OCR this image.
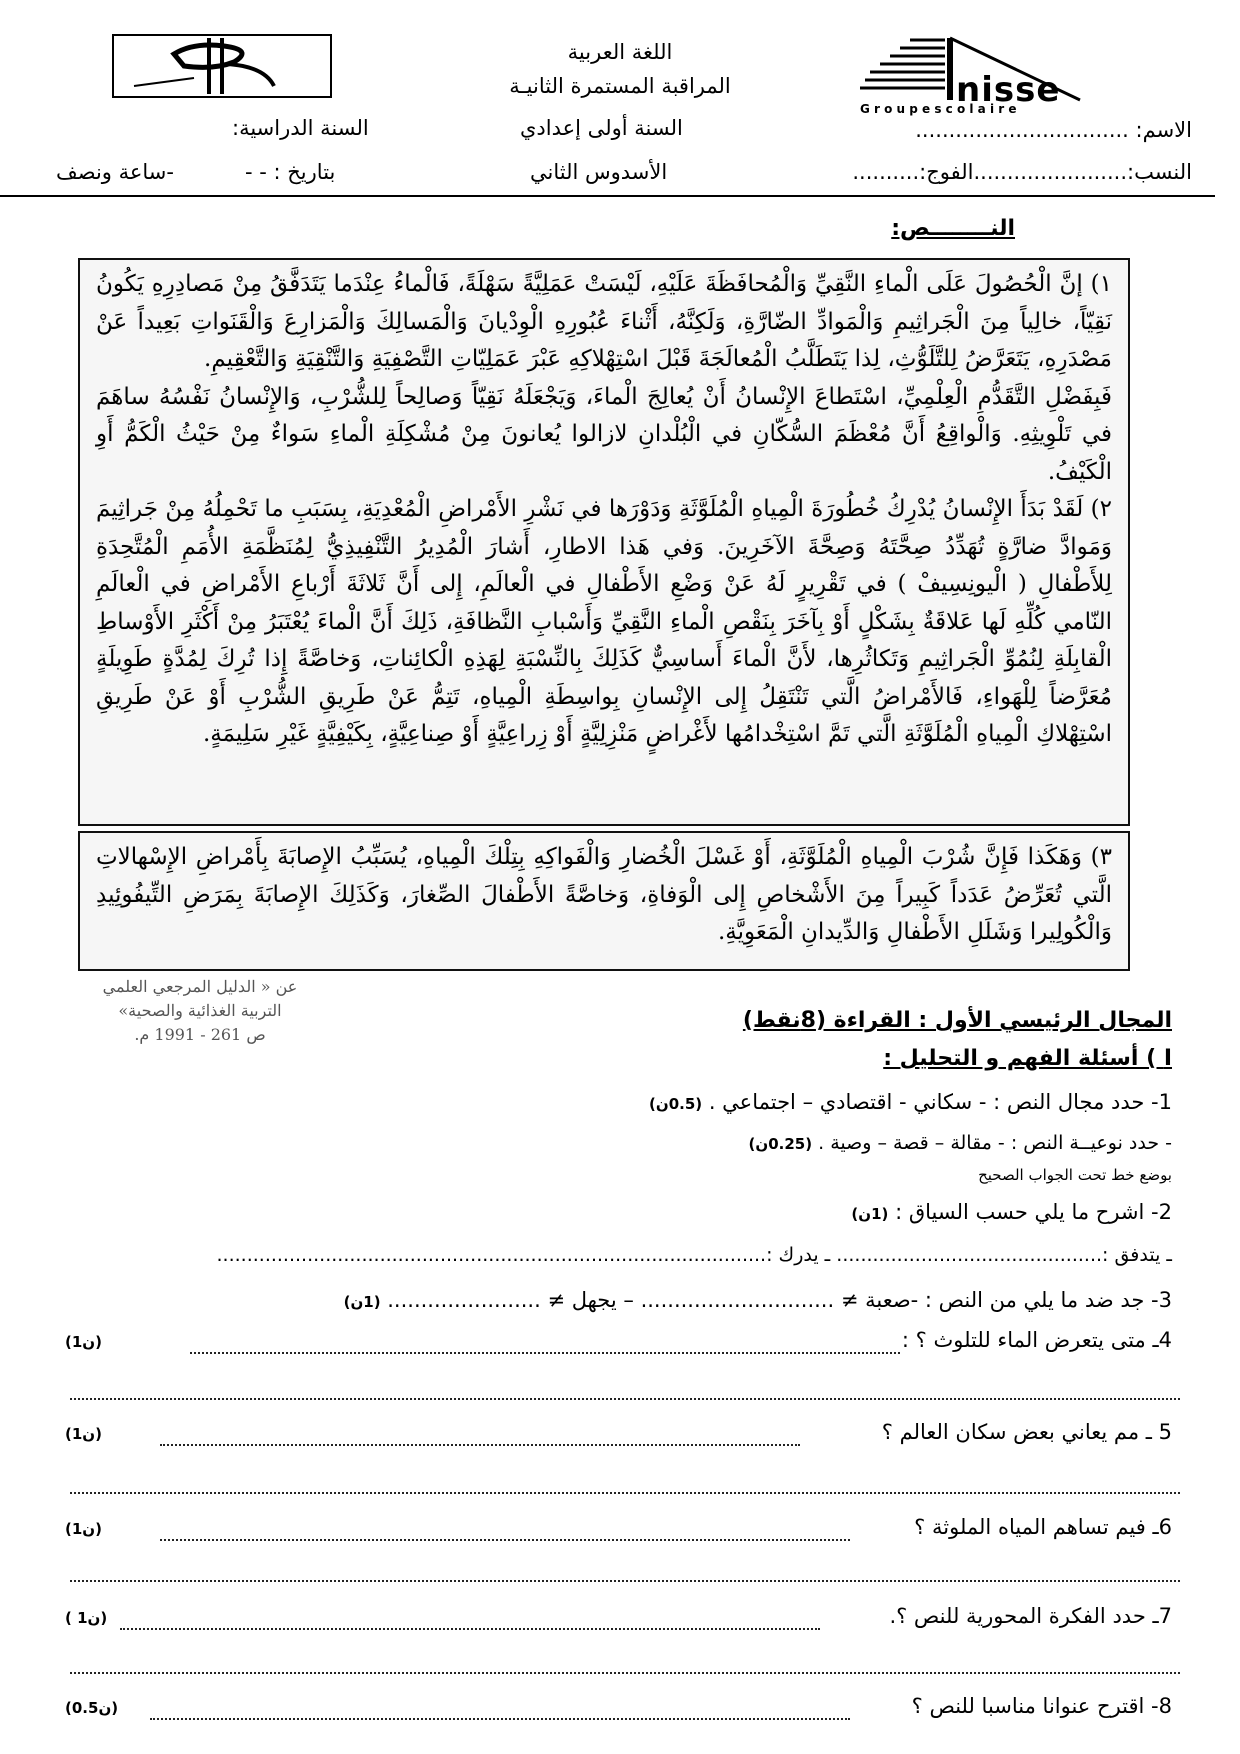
nisse
G r o u p e s c o l a i r e
اللغة العربية
المراقبة المستمرة الثانيـة
السنة أولى إعدادي
السنة الدراسية:	الاسم: ................................
النسب:.......................الفوج:..........
الأسدوس الثاني
بتاريخ : - -
-ساعة ونصف
النــــــــص:

١) إنَّ الْحُصُولَ عَلَى الْماءِ النَّقِيِّ وَالْمُحافَظَةَ عَلَيْهِ، لَيْسَتْ عَمَلِيَّةً سَهْلَةً، فَالْماءُ عِنْدَما يَتَدَفَّقُ مِنْ مَصادِرِهِ يَكُونُ نَقِيّاً، خالِياً مِنَ الْجَراثِيمِ وَالْمَوادِّ الضّارَّةِ، وَلَكِنَّهُ، أَثْناءَ عُبُورِهِ الْوِدْيانَ وَالْمَسالِكَ وَالْمَزارِعَ وَالْقَنَواتِ بَعِيداً عَنْ مَصْدَرِهِ، يَتَعَرَّضُ لِلتَّلَوُّثِ، لِذا يَتَطَلَّبُ الْمُعالَجَةَ قَبْلَ اسْتِهْلاكِهِ عَبْرَ عَمَلِيّاتِ التَّصْفِيَةِ وَالتَّنْقِيَةِ وَالتَّعْقِيمِ.

فَبِفَضْلِ التَّقَدُّمِ الْعِلْمِيِّ، اسْتَطاعَ الإِنْسانُ أَنْ يُعالِجَ الْماءَ، وَيَجْعَلَهُ نَقِيّاً وَصالِحاً لِلشُّرْبِ، وَالإِنْسانُ نَفْسُهُ ساهَمَ في تَلْوِيثِهِ. وَالْواقِعُ أَنَّ مُعْظَمَ السُّكّانِ في الْبُلْدانِ لازالوا يُعانونَ مِنْ مُشْكِلَةِ الْماءِ سَواءٌ مِنْ حَيْثُ الْكَمُّ أَوِ الْكَيْفُ.

٢) لَقَدْ بَدَأَ الإِنْسانُ يُدْرِكُ خُطُورَةَ الْمِياهِ الْمُلَوَّثَةِ وَدَوْرَها في نَشْرِ الأَمْراضِ الْمُعْدِيَةِ، بِسَبَبِ ما تَحْمِلُهُ مِنْ جَراثِيمَ وَمَوادَّ ضارَّةٍ تُهَدِّدُ صِحَّتَهُ وَصِحَّةَ الآخَرِينَ. وَفي هَذا الاطارِ، أَشارَ الْمُدِيرُ التَّنْفِيذِيُّ لِمُنَظَّمَةِ الأُمَمِ الْمُتَّحِدَةِ لِلأَطْفالِ ( الْيونِسِيفْ ) في تَقْرِيرٍ لَهُ عَنْ وَضْعِ الأَطْفالِ في الْعالَمِ، إِلى أَنَّ ثَلاثَةَ أَرْباعِ الأَمْراضِ في الْعالَمِ النّامي كُلِّهِ لَها عَلاقَةٌ بِشَكْلٍ أَوْ بِآخَرَ بِنَقْصِ الْماءِ النَّقِيِّ وَأَسْبابِ النَّظافَةِ، ذَلِكَ أَنَّ الْماءَ يُعْتَبَرُ مِنْ أَكْثَرِ الأَوْساطِ الْقابِلَةِ لِنُمُوِّ الْجَراثِيمِ وَتَكاثُرِها، لأَنَّ الْماءَ أَساسِيٌّ كَذَلِكَ بِالنِّسْبَةِ لِهَذِهِ الْكائِناتِ، وَخاصَّةً إِذا تُرِكَ لِمُدَّةٍ طَوِيلَةٍ مُعَرَّضاً لِلْهَواءِ، فَالأَمْراضُ الَّتي تَنْتَقِلُ إِلى الإِنْسانِ بِواسِطَةِ الْمِياهِ، تَتِمُّ عَنْ طَرِيقِ الشُّرْبِ أَوْ عَنْ طَرِيقِ اسْتِهْلاكِ الْمِياهِ الْمُلَوَّثَةِ الَّتي تَمَّ اسْتِخْدامُها لأَغْراضٍ مَنْزِلِيَّةٍ أَوْ زِراعِيَّةٍ أَوْ صِناعِيَّةٍ، بِكَيْفِيَّةٍ غَيْرِ سَلِيمَةٍ.

٣) وَهَكَذا فَإِنَّ شُرْبَ الْمِياهِ الْمُلَوَّثَةِ، أَوْ غَسْلَ الْخُضارِ وَالْفَواكِهِ بِتِلْكَ الْمِياهِ، يُسَبِّبُ الإِصابَةَ بِأَمْراضِ الإِسْهالاتِ الَّتي تُعَرِّضُ عَدَداً كَبِيراً مِنَ الأَشْخاصِ إِلى الْوَفاةِ، وَخاصَّةً الأَطْفالَ الصِّغارَ، وَكَذَلِكَ الإِصابَةَ بِمَرَضِ التِّيفُوئِيدِ وَالْكُولِيرا وَشَلَلِ الأَطْفالِ وَالدِّيدانِ الْمَعَوِيَّةِ.

عن « الدليل المرجعي العلمي
التربية الغذائية والصحية»
ص 261 - 1991 م.
المجال الرئيسي الأول : القراءة (8نقط)
I ) أسئلة الفهم و التحليل :
1- حدد مجال النص : - سكاني - اقتصادي – اجتماعي . (0.5ن)
- حدد نوعيــة النص : - مقالة – قصة – وصية . (0.25ن)
بوضع خط تحت الجواب الصحيح
2- اشرح ما يلي حسب السياق : (1ن)
ـ يتدفق :............................................ ـ يدرك :...........................................................................................
3- جد ضد ما يلي من النص : -صعبة ≠ ............................. – يجهل ≠ ....................... (1ن)
4ـ متى يتعرض الماء للتلوث ؟ :
(1ن)
5 ـ مم يعاني بعض سكان العالم ؟
(1ن)
6ـ فيم تساهم المياه الملوثة ؟
(1ن)
7ـ حدد الفكرة المحورية للنص ؟.
( 1ن)
8- اقترح عنوانا مناسبا للنص ؟
(0.5ن)
